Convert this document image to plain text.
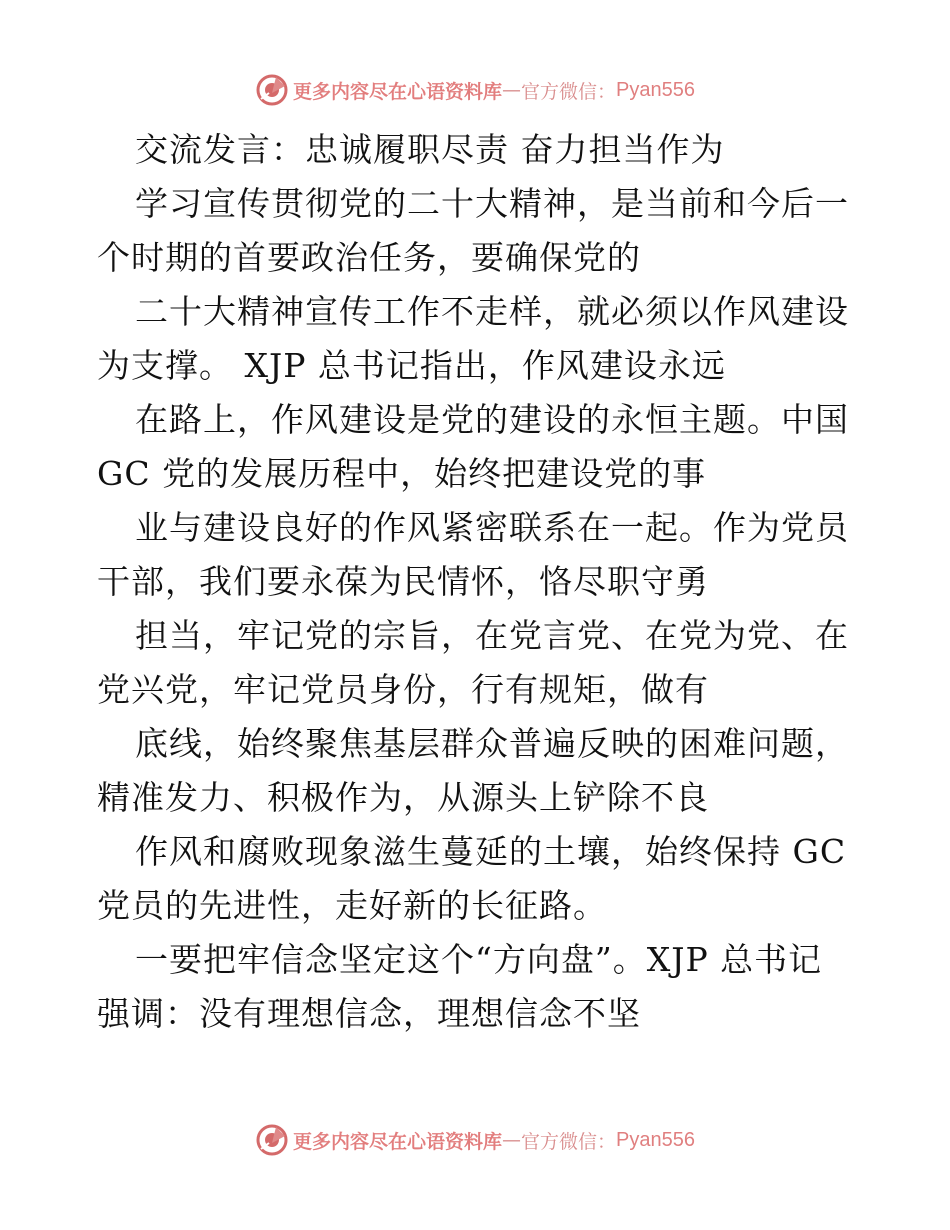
更多内容尽在心语资料库 — 官方微信： Pyan556
交流发言：忠诚履职尽责 奋力担当作为
学习宣传贯彻党的二十大精神，是当前和今后一
个时期的首要政治任务，要确保党的
二十大精神宣传工作不走样，就必须以作风建设
为支撑。 XJP 总书记指出，作风建设永远
在路上，作风建设是党的建设的永恒主题。中国
GC 党的发展历程中，始终把建设党的事
业与建设良好的作风紧密联系在一起。作为党员
干部，我们要永葆为民情怀，恪尽职守勇
担当，牢记党的宗旨，在党言党、在党为党、在
党兴党，牢记党员身份，行有规矩，做有
底线，始终聚焦基层群众普遍反映的困难问题，
精准发力、积极作为，从源头上铲除不良
作风和腐败现象滋生蔓延的土壤，始终保持 GC
党员的先进性，走好新的长征路。
一要把牢信念坚定这个“方向盘”。XJP 总书记
强调：没有理想信念，理想信念不坚
更多内容尽在心语资料库 — 官方微信： Pyan556
